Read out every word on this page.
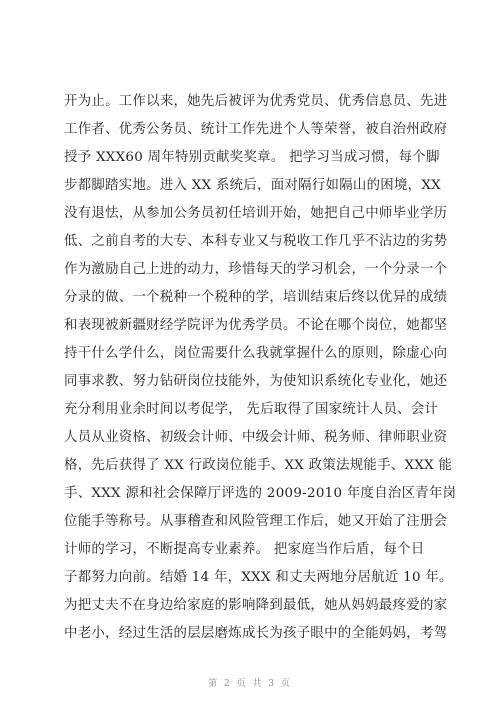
开为止。工作以来，她先后被评为优秀党员、优秀信息员、先进
工作者、优秀公务员、统计工作先进个人等荣誉，被自治州政府
授予 XXX60 周年特别贡献奖奖章。 把学习当成习惯，每个脚
步都脚踏实地。进入 XX 系统后，面对隔行如隔山的困境，XX
没有退怯，从参加公务员初任培训开始，她把自己中师毕业学历
低、之前自考的大专、本科专业又与税收工作几乎不沾边的劣势
作为激励自己上进的动力，珍惜每天的学习机会，一个分录一个
分录的做、一个税种一个税种的学，培训结束后终以优异的成绩
和表现被新疆财经学院评为优秀学员。不论在哪个岗位，她都坚
持干什么学什么，岗位需要什么我就掌握什么的原则，除虚心向
同事求教、努力钻研岗位技能外，为使知识系统化专业化，她还
充分利用业余时间以考促学， 先后取得了国家统计人员、会计
人员从业资格、初级会计师、中级会计师、税务师、律师职业资
格，先后获得了 XX 行政岗位能手、XX 政策法规能手、XXX 能
手、XXX 源和社会保障厅评选的 2009-2010 年度自治区青年岗
位能手等称号。从事稽查和风险管理工作后，她又开始了注册会
计师的学习，不断提高专业素养。 把家庭当作后盾，每个日
子都努力向前。结婚 14 年，XXX 和丈夫两地分居航近 10 年。
为把丈夫不在身边给家庭的影响降到最低，她从妈妈最疼爱的家
中老小，经过生活的层层磨炼成长为孩子眼中的全能妈妈，考驾
第 2 页 共 3 页
